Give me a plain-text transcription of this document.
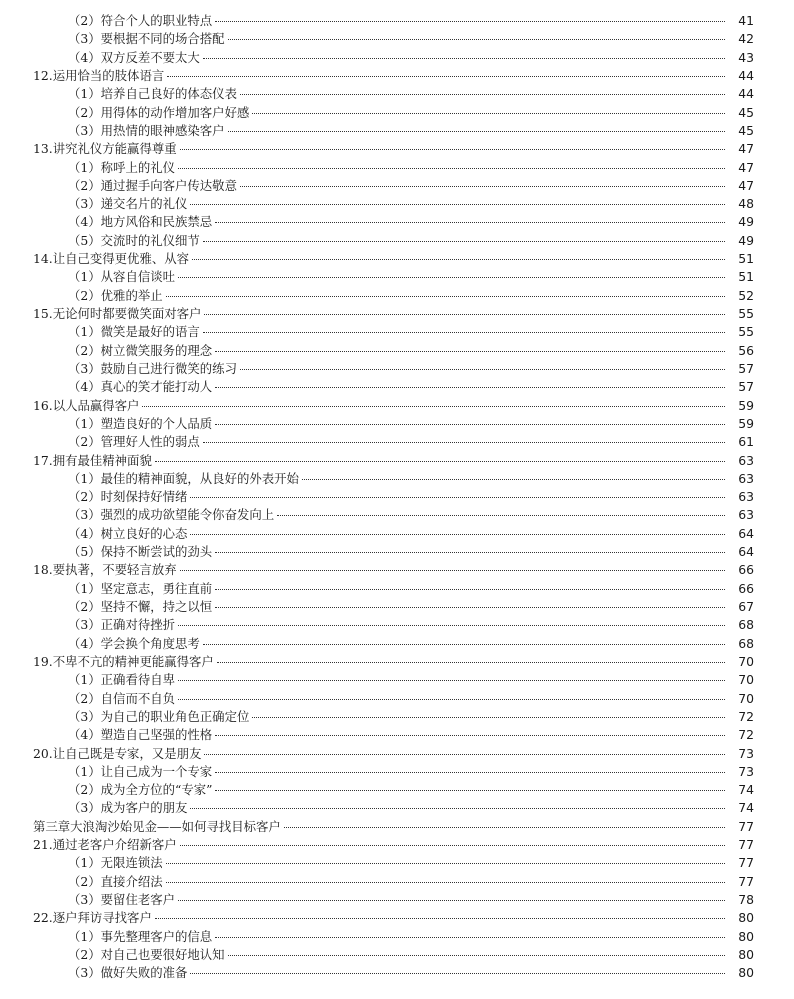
（2）符合个人的职业特点	41
（3）要根据不同的场合搭配	42
（4）双方反差不要太大	43
12.运用恰当的肢体语言	44
（1）培养自己良好的体态仪表	44
（2）用得体的动作增加客户好感	45
（3）用热情的眼神感染客户	45
13.讲究礼仪方能赢得尊重	47
（1）称呼上的礼仪	47
（2）通过握手向客户传达敬意	47
（3）递交名片的礼仪	48
（4）地方风俗和民族禁忌	49
（5）交流时的礼仪细节	49
14.让自己变得更优雅、从容	51
（1）从容自信谈吐	51
（2）优雅的举止	52
15.无论何时都要微笑面对客户	55
（1）微笑是最好的语言	55
（2）树立微笑服务的理念	56
（3）鼓励自己进行微笑的练习	57
（4）真心的笑才能打动人	57
16.以人品赢得客户	59
（1）塑造良好的个人品质	59
（2）管理好人性的弱点	61
17.拥有最佳精神面貌	63
（1）最佳的精神面貌，从良好的外表开始	63
（2）时刻保持好情绪	63
（3）强烈的成功欲望能令你奋发向上	63
（4）树立良好的心态	64
（5）保持不断尝试的劲头	64
18.要执著，不要轻言放弃	66
（1）坚定意志，勇往直前	66
（2）坚持不懈，持之以恒	67
（3）正确对待挫折	68
（4）学会换个角度思考	68
19.不卑不亢的精神更能赢得客户	70
（1）正确看待自卑	70
（2）自信而不自负	70
（3）为自己的职业角色正确定位	72
（4）塑造自己坚强的性格	72
20.让自己既是专家，又是朋友	73
（1）让自己成为一个专家	73
（2）成为全方位的“专家”	74
（3）成为客户的朋友	74
第三章大浪淘沙始见金——如何寻找目标客户	77
21.通过老客户介绍新客户	77
（1）无限连锁法	77
（2）直接介绍法	77
（3）要留住老客户	78
22.逐户拜访寻找客户	80
（1）事先整理客户的信息	80
（2）对自己也要很好地认知	80
（3）做好失败的准备	80
